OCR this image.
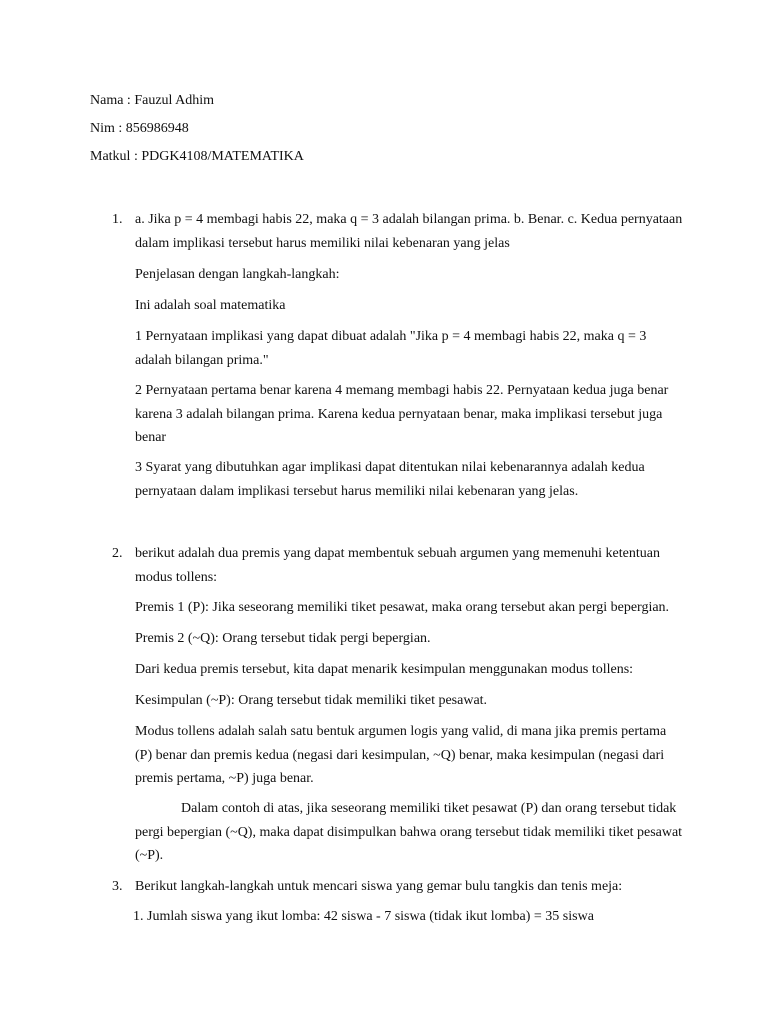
Nama : Fauzul Adhim

Nim : 856986948

Matkul : PDGK4108/MATEMATIKA

1. a. Jika p = 4 membagi habis 22, maka q = 3 adalah bilangan prima. b. Benar. c. Kedua pernyataan dalam implikasi tersebut harus memiliki nilai kebenaran yang jelas

Penjelasan dengan langkah-langkah:

Ini adalah soal matematika

1 Pernyataan implikasi yang dapat dibuat adalah "Jika p = 4 membagi habis 22, maka q = 3 adalah bilangan prima."

2 Pernyataan pertama benar karena 4 memang membagi habis 22. Pernyataan kedua juga benar karena 3 adalah bilangan prima. Karena kedua pernyataan benar, maka implikasi tersebut juga benar

3 Syarat yang dibutuhkan agar implikasi dapat ditentukan nilai kebenarannya adalah kedua pernyataan dalam implikasi tersebut harus memiliki nilai kebenaran yang jelas.

2. berikut adalah dua premis yang dapat membentuk sebuah argumen yang memenuhi ketentuan modus tollens:

Premis 1 (P): Jika seseorang memiliki tiket pesawat, maka orang tersebut akan pergi bepergian.

Premis 2 (~Q): Orang tersebut tidak pergi bepergian.

Dari kedua premis tersebut, kita dapat menarik kesimpulan menggunakan modus tollens:

Kesimpulan (~P): Orang tersebut tidak memiliki tiket pesawat.

Modus tollens adalah salah satu bentuk argumen logis yang valid, di mana jika premis pertama (P) benar dan premis kedua (negasi dari kesimpulan, ~Q) benar, maka kesimpulan (negasi dari premis pertama, ~P) juga benar.

Dalam contoh di atas, jika seseorang memiliki tiket pesawat (P) dan orang tersebut tidak pergi bepergian (~Q), maka dapat disimpulkan bahwa orang tersebut tidak memiliki tiket pesawat (~P).

3. Berikut langkah-langkah untuk mencari siswa yang gemar bulu tangkis dan tenis meja:

1. Jumlah siswa yang ikut lomba: 42 siswa - 7 siswa (tidak ikut lomba) = 35 siswa
